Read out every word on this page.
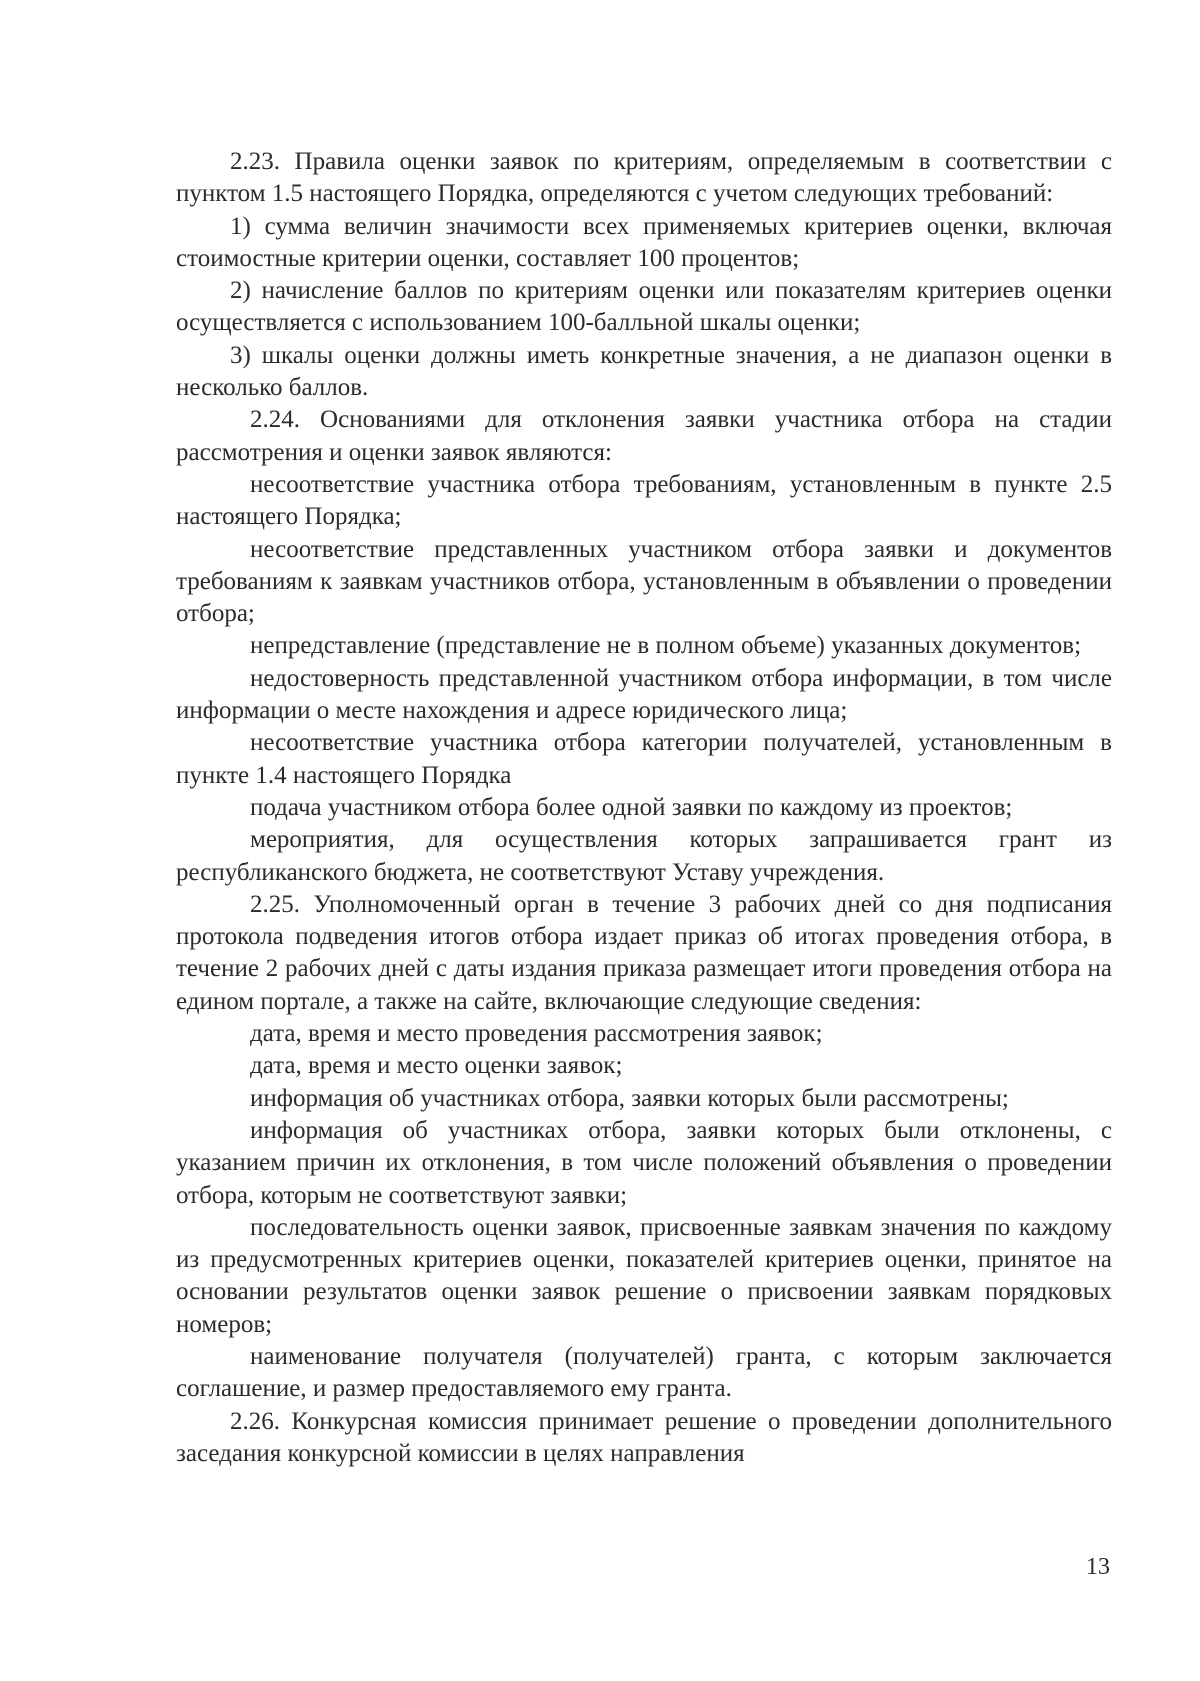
2.23. Правила оценки заявок по критериям, определяемым в соответствии с пунктом 1.5 настоящего Порядка, определяются с учетом следующих требований:

1) сумма величин значимости всех применяемых критериев оценки, включая стоимостные критерии оценки, составляет 100 процентов;

2) начисление баллов по критериям оценки или показателям критериев оценки осуществляется с использованием 100-балльной шкалы оценки;

3) шкалы оценки должны иметь конкретные значения, а не диапазон оценки в несколько баллов.

2.24. Основаниями для отклонения заявки участника отбора на стадии рассмотрения и оценки заявок являются:

несоответствие участника отбора требованиям, установленным в пункте 2.5 настоящего Порядка;

несоответствие представленных участником отбора заявки и документов требованиям к заявкам участников отбора, установленным в объявлении о проведении отбора;

непредставление (представление не в полном объеме) указанных документов;

недостоверность представленной участником отбора информации, в том числе информации о месте нахождения и адресе юридического лица;

несоответствие участника отбора категории получателей, установленным в пункте 1.4 настоящего Порядка

подача участником отбора более одной заявки по каждому из проектов;

мероприятия, для осуществления которых запрашивается грант из республиканского бюджета, не соответствуют Уставу учреждения.

2.25. Уполномоченный орган в течение 3 рабочих дней со дня подписания протокола подведения итогов отбора издает приказ об итогах проведения отбора, в течение 2 рабочих дней с даты издания приказа размещает итоги проведения отбора на едином портале, а также на сайте, включающие следующие сведения:

дата, время и место проведения рассмотрения заявок;

дата, время и место оценки заявок;

информация об участниках отбора, заявки которых были рассмотрены;

информация об участниках отбора, заявки которых были отклонены, с указанием причин их отклонения, в том числе положений объявления о проведении отбора, которым не соответствуют заявки;

последовательность оценки заявок, присвоенные заявкам значения по каждому из предусмотренных критериев оценки, показателей критериев оценки, принятое на основании результатов оценки заявок решение о присвоении заявкам порядковых номеров;

наименование получателя (получателей) гранта, с которым заключается соглашение, и размер предоставляемого ему гранта.

2.26. Конкурсная комиссия принимает решение о проведении дополнительного заседания конкурсной комиссии в целях направления

13
